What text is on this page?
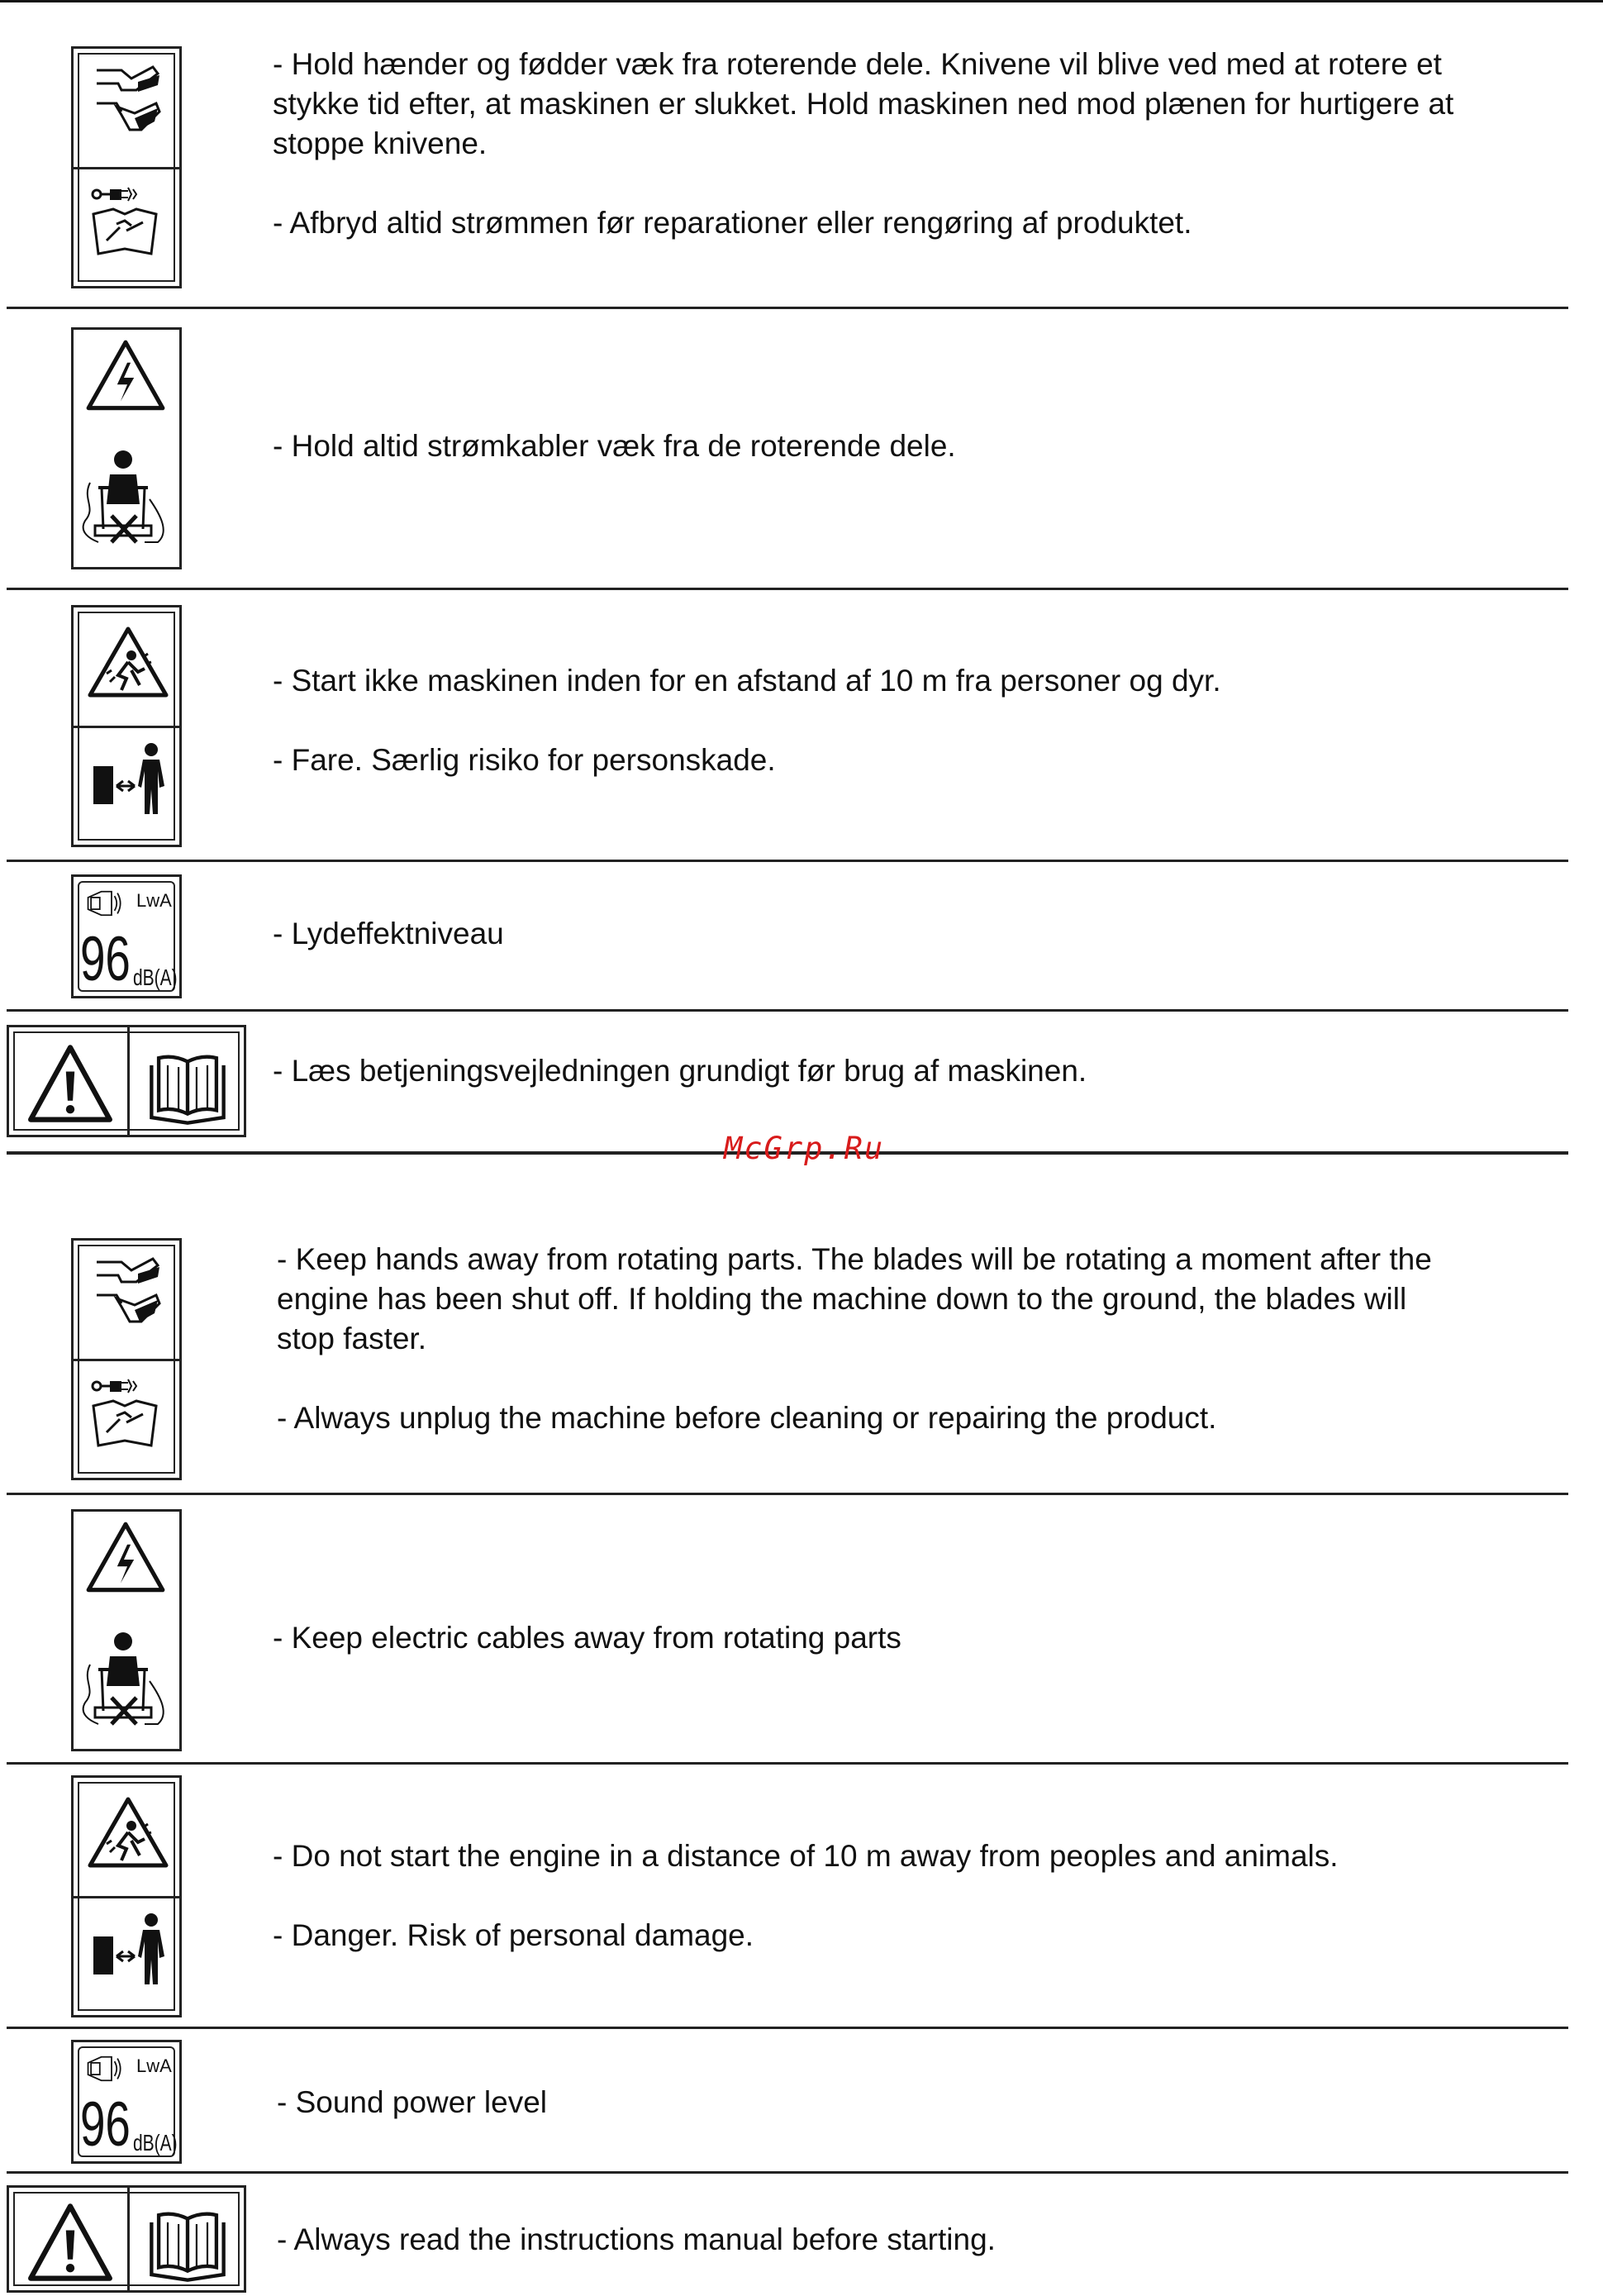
- Hold hænder og fødder væk fra roterende dele. Knivene vil blive ved med at rotere et
stykke tid efter, at maskinen er slukket. Hold maskinen ned mod plænen for hurtigere at
stoppe knivene.
- Afbryd altid strømmen før reparationer eller rengøring af produktet.
- Hold altid strømkabler væk fra de roterende dele.
- Start ikke maskinen inden for en afstand af 10 m fra personer og dyr.
- Fare. Særlig risiko for personskade.
LwA
96 dB(A)
- Lydeffektniveau
- Læs betjeningsvejledningen grundigt før brug af maskinen.
McGrp.Ru
- Keep hands away from rotating parts. The blades will be rotating a moment after the
engine has been shut off. If holding the machine down to the ground, the blades will
stop faster.
- Always unplug the machine before cleaning or repairing the product.
- Keep electric cables away from rotating parts
- Do not start the engine in a distance of 10 m away from peoples and animals.
- Danger. Risk of personal damage.
LwA
96 dB(A)
- Sound power level
- Always read the instructions manual before starting.
